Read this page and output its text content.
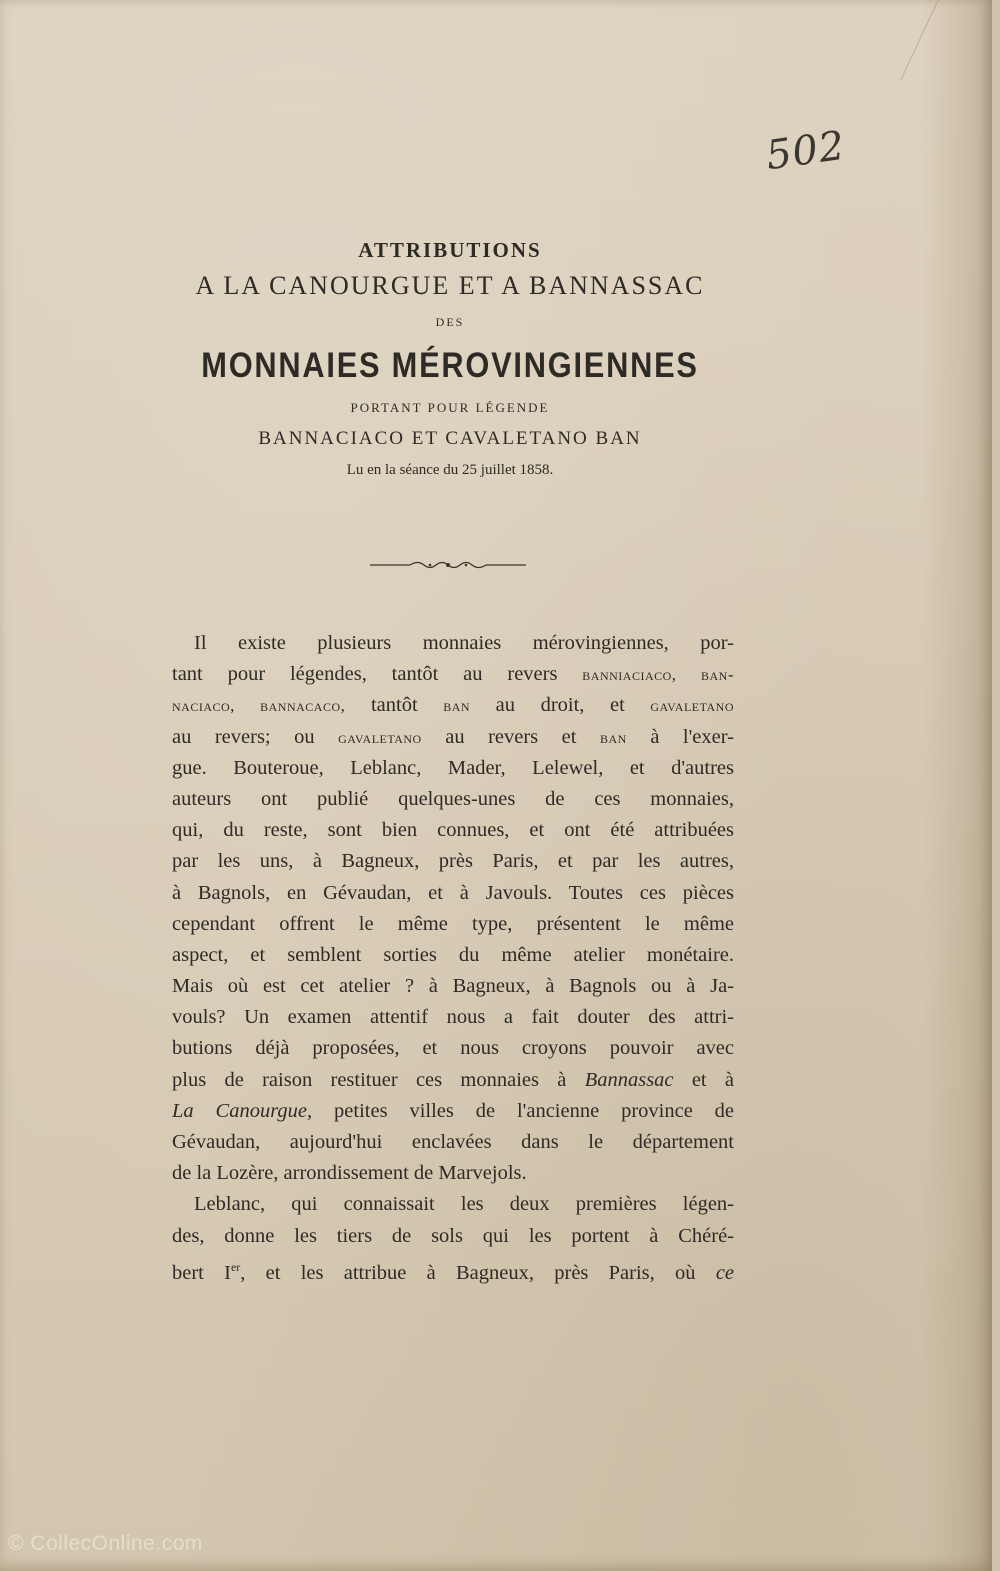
502
ATTRIBUTIONS
A LA CANOURGUE ET A BANNASSAC
DES
MONNAIES MÉROVINGIENNES
PORTANT POUR LÉGENDE
BANNACIACO ET CAVALETANO BAN
Lu en la séance du 25 juillet 1858.
Il existe plusieurs monnaies mérovingiennes, por-
tant pour légendes, tantôt au revers banniaciaco, ban-
naciaco, bannacaco, tantôt ban au droit, et gavaletano
au revers; ou gavaletano au revers et ban à l'exer-
gue. Bouteroue, Leblanc, Mader, Lelewel, et d'autres
auteurs ont publié quelques-unes de ces monnaies,
qui, du reste, sont bien connues, et ont été attribuées
par les uns, à Bagneux, près Paris, et par les autres,
à Bagnols, en Gévaudan, et à Javouls. Toutes ces pièces
cependant offrent le même type, présentent le même
aspect, et semblent sorties du même atelier monétaire.
Mais où est cet atelier ? à Bagneux, à Bagnols ou à Ja-
vouls? Un examen attentif nous a fait douter des attri-
butions déjà proposées, et nous croyons pouvoir avec
plus de raison restituer ces monnaies à Bannassac et à
La Canourgue, petites villes de l'ancienne province de
Gévaudan, aujourd'hui enclavées dans le département
de la Lozère, arrondissement de Marvejols.
Leblanc, qui connaissait les deux premières légen-
des, donne les tiers de sols qui les portent à Chéré-
bert Ier, et les attribue à Bagneux, près Paris, où ce
© CollecOnline.com
